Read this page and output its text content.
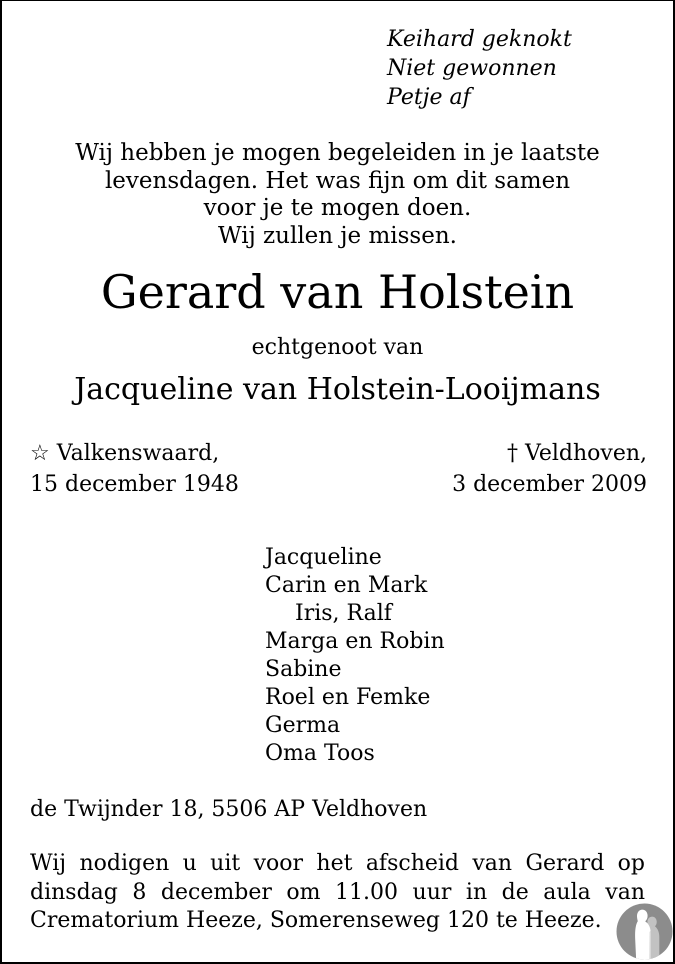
Keihard geknokt
Niet gewonnen
Petje af
Wij hebben je mogen begeleiden in je laatste
levensdagen. Het was fijn om dit samen
voor je te mogen doen.
Wij zullen je missen.
Gerard van Holstein
echtgenoot van
Jacqueline van Holstein-Looijmans
☆ Valkenswaard,
15 december 1948
† Veldhoven,
3 december 2009
Jacqueline
Carin en Mark
Iris, Ralf
Marga en Robin
Sabine
Roel en Femke
Germa
Oma Toos
de Twijnder 18, 5506 AP Veldhoven
Wij nodigen u uit voor het afscheid van Gerard op
dinsdag 8 december om 11.00 uur in de aula van
Crematorium Heeze, Somerenseweg 120 te Heeze.
